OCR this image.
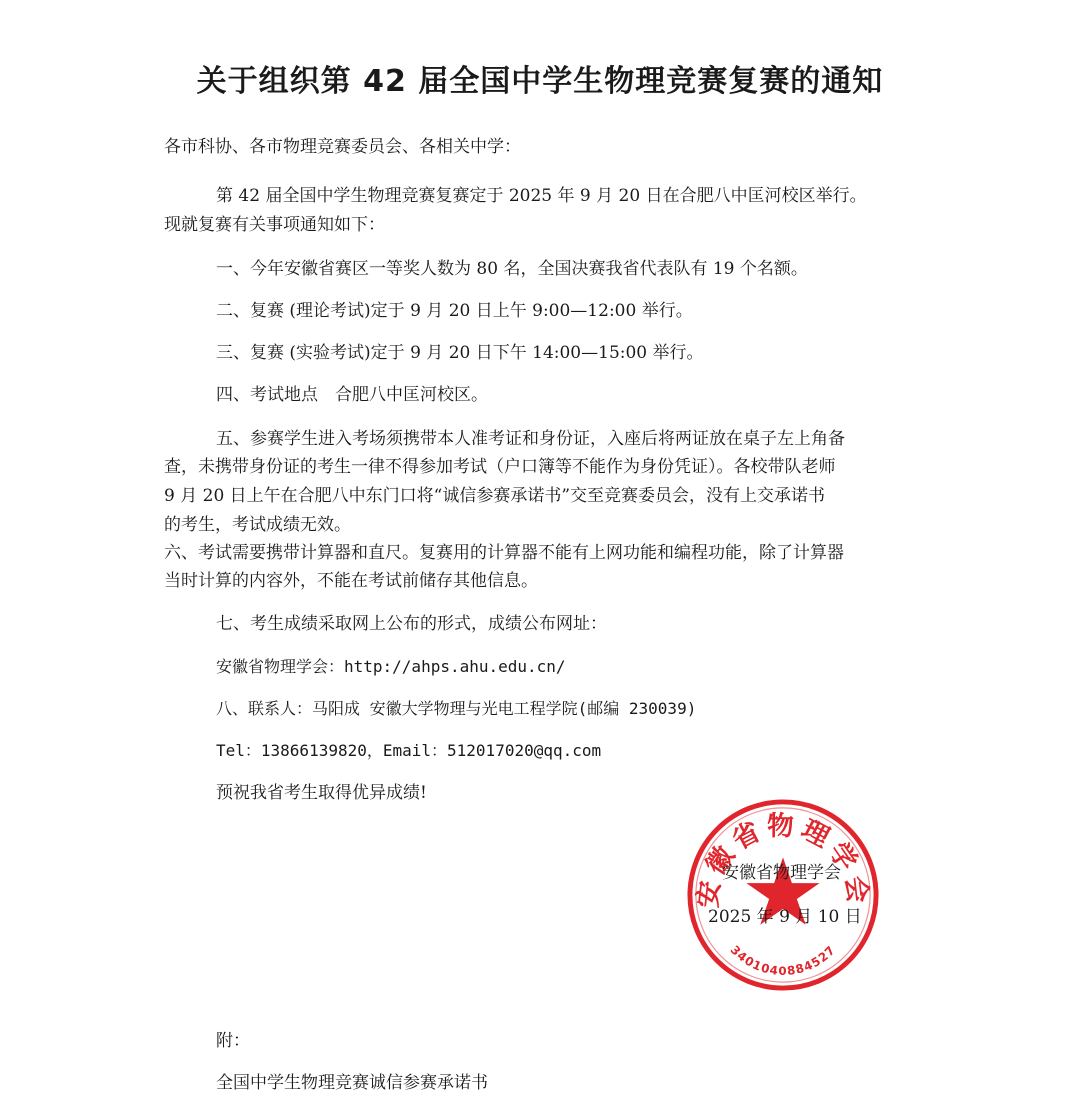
关于组织第 42 届全国中学生物理竞赛复赛的通知
各市科协、各市物理竞赛委员会、各相关中学：
第 42 届全国中学生物理竞赛复赛定于 2025 年 9 月 20 日在合肥八中匡河校区举行。
现就复赛有关事项通知如下：
一、今年安徽省赛区一等奖人数为 80 名，全国决赛我省代表队有 19 个名额。
二、复赛 (理论考试)定于 9 月 20 日上午 9:00—12:00 举行。
三、复赛 (实验考试)定于 9 月 20 日下午 14:00—15:00 举行。
四、考试地点　合肥八中匡河校区。
五、参赛学生进入考场须携带本人准考证和身份证，入座后将两证放在桌子左上角备
查，未携带身份证的考生一律不得参加考试（户口簿等不能作为身份凭证）。各校带队老师
9 月 20 日上午在合肥八中东门口将“诚信参赛承诺书”交至竞赛委员会，没有上交承诺书
的考生，考试成绩无效。
六、考试需要携带计算器和直尺。复赛用的计算器不能有上网功能和编程功能，除了计算器
当时计算的内容外，不能在考试前储存其他信息。
七、考生成绩采取网上公布的形式，成绩公布网址：
安徽省物理学会：http://ahps.ahu.edu.cn/
八、联系人：马阳成 安徽大学物理与光电工程学院(邮编 230039)
Tel：13866139820，Email：512017020@qq.com
预祝我省考生取得优异成绩!
安徽省物理学会
3401040884527
安徽省物理学会
2025 年 9 月 10 日
附：
全国中学生物理竞赛诚信参赛承诺书
